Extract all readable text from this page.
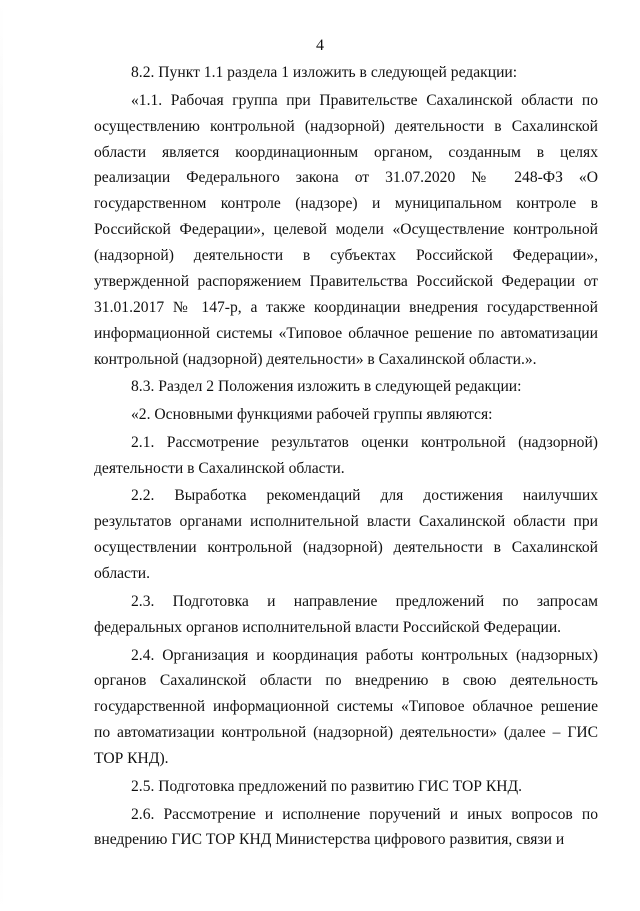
4

8.2. Пункт 1.1 раздела 1 изложить в следующей редакции:

«1.1. Рабочая группа при Правительстве Сахалинской области по осуществлению контрольной (надзорной) деятельности в Сахалинской области является координационным органом, созданным в целях реализации Федерального закона от 31.07.2020 № 248-ФЗ «О государственном контроле (надзоре) и муниципальном контроле в Российской Федерации», целевой модели «Осуществление контрольной (надзорной) деятельности в субъектах Российской Федерации», утвержденной распоряжением Правительства Российской Федерации от 31.01.2017 № 147-р, а также координации внедрения государственной информационной системы «Типовое облачное решение по автоматизации контрольной (надзорной) деятельности» в Сахалинской области.».

8.3. Раздел 2 Положения изложить в следующей редакции:

«2. Основными функциями рабочей группы являются:

2.1. Рассмотрение результатов оценки контрольной (надзорной) деятельности в Сахалинской области.

2.2. Выработка рекомендаций для достижения наилучших результатов органами исполнительной власти Сахалинской области при осуществлении контрольной (надзорной) деятельности в Сахалинской области.

2.3. Подготовка и направление предложений по запросам федеральных органов исполнительной власти Российской Федерации.

2.4. Организация и координация работы контрольных (надзорных) органов Сахалинской области по внедрению в свою деятельность государственной информационной системы «Типовое облачное решение по автоматизации контрольной (надзорной) деятельности» (далее – ГИС ТОР КНД).

2.5. Подготовка предложений по развитию ГИС ТОР КНД.

2.6. Рассмотрение и исполнение поручений и иных вопросов по внедрению ГИС ТОР КНД Министерства цифрового развития, связи и
